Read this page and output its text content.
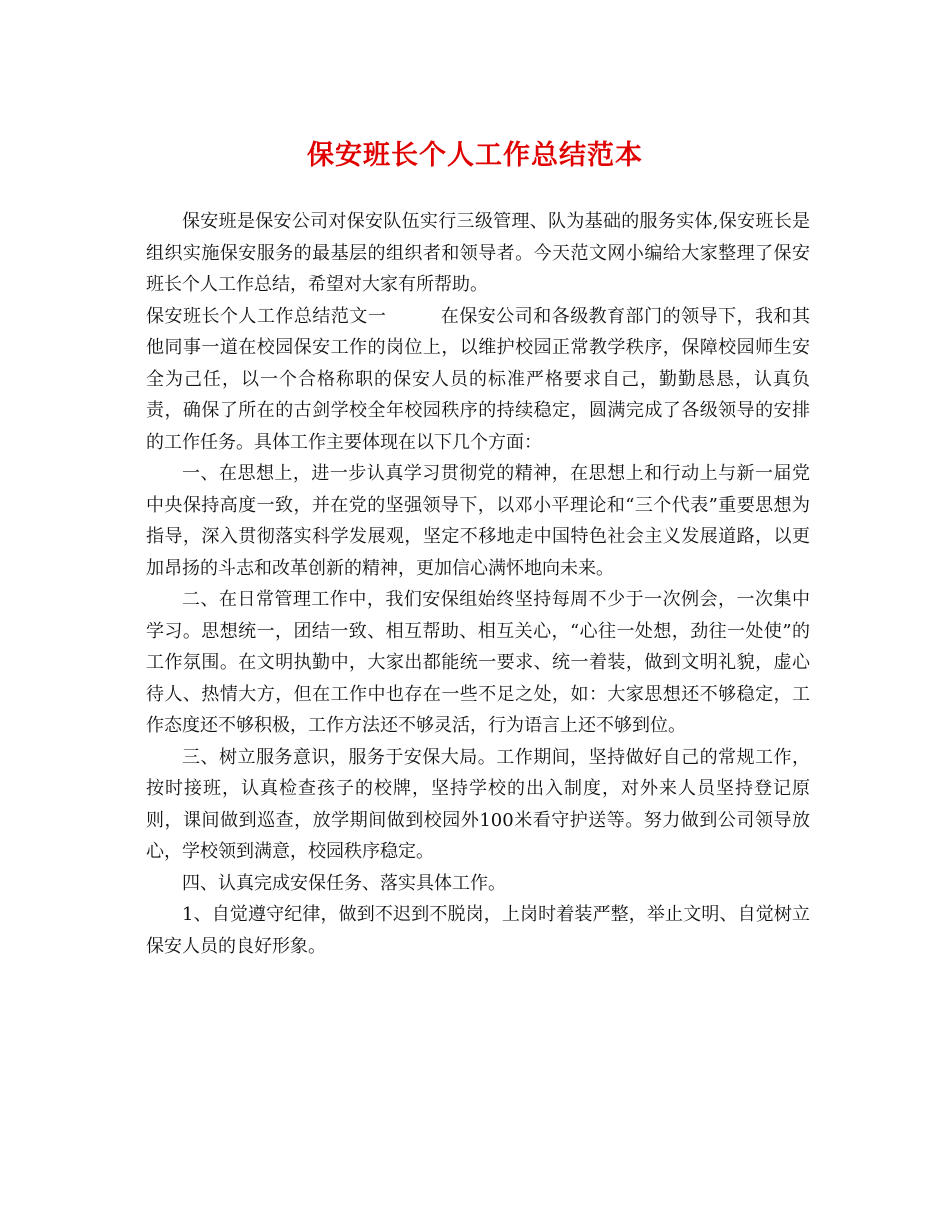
保安班长个人工作总结范本

保安班是保安公司对保安队伍实行三级管理、队为基础的服务实体,保安班长是组织实施保安服务的最基层的组织者和领导者。今天范文网小编给大家整理了保安班长个人工作总结，希望对大家有所帮助。

保安班长个人工作总结范文一	在保安公司和各级教育部门的领导下，我和其他同事一道在校园保安工作的岗位上，以维护校园正常教学秩序，保障校园师生安全为己任，以一个合格称职的保安人员的标准严格要求自己，勤勤恳恳，认真负责，确保了所在的古剑学校全年校园秩序的持续稳定，圆满完成了各级领导的安排的工作任务。具体工作主要体现在以下几个方面：

一、在思想上，进一步认真学习贯彻党的精神，在思想上和行动上与新一届党中央保持高度一致，并在党的坚强领导下，以邓小平理论和“三个代表”重要思想为指导，深入贯彻落实科学发展观，坚定不移地走中国特色社会主义发展道路，以更加昂扬的斗志和改革创新的精神，更加信心满怀地向未来。

二、在日常管理工作中，我们安保组始终坚持每周不少于一次例会，一次集中学习。思想统一，团结一致、相互帮助、相互关心，“心往一处想，劲往一处使”的工作氛围。在文明执勤中，大家出都能统一要求、统一着装，做到文明礼貌，虚心待人、热情大方，但在工作中也存在一些不足之处，如：大家思想还不够稳定，工作态度还不够积极，工作方法还不够灵活，行为语言上还不够到位。

三、树立服务意识，服务于安保大局。工作期间，坚持做好自己的常规工作，按时接班，认真检查孩子的校牌，坚持学校的出入制度，对外来人员坚持登记原则，课间做到巡查，放学期间做到校园外100米看守护送等。努力做到公司领导放心，学校领到满意，校园秩序稳定。

四、认真完成安保任务、落实具体工作。

1、自觉遵守纪律，做到不迟到不脱岗，上岗时着装严整，举止文明、自觉树立保安人员的良好形象。
